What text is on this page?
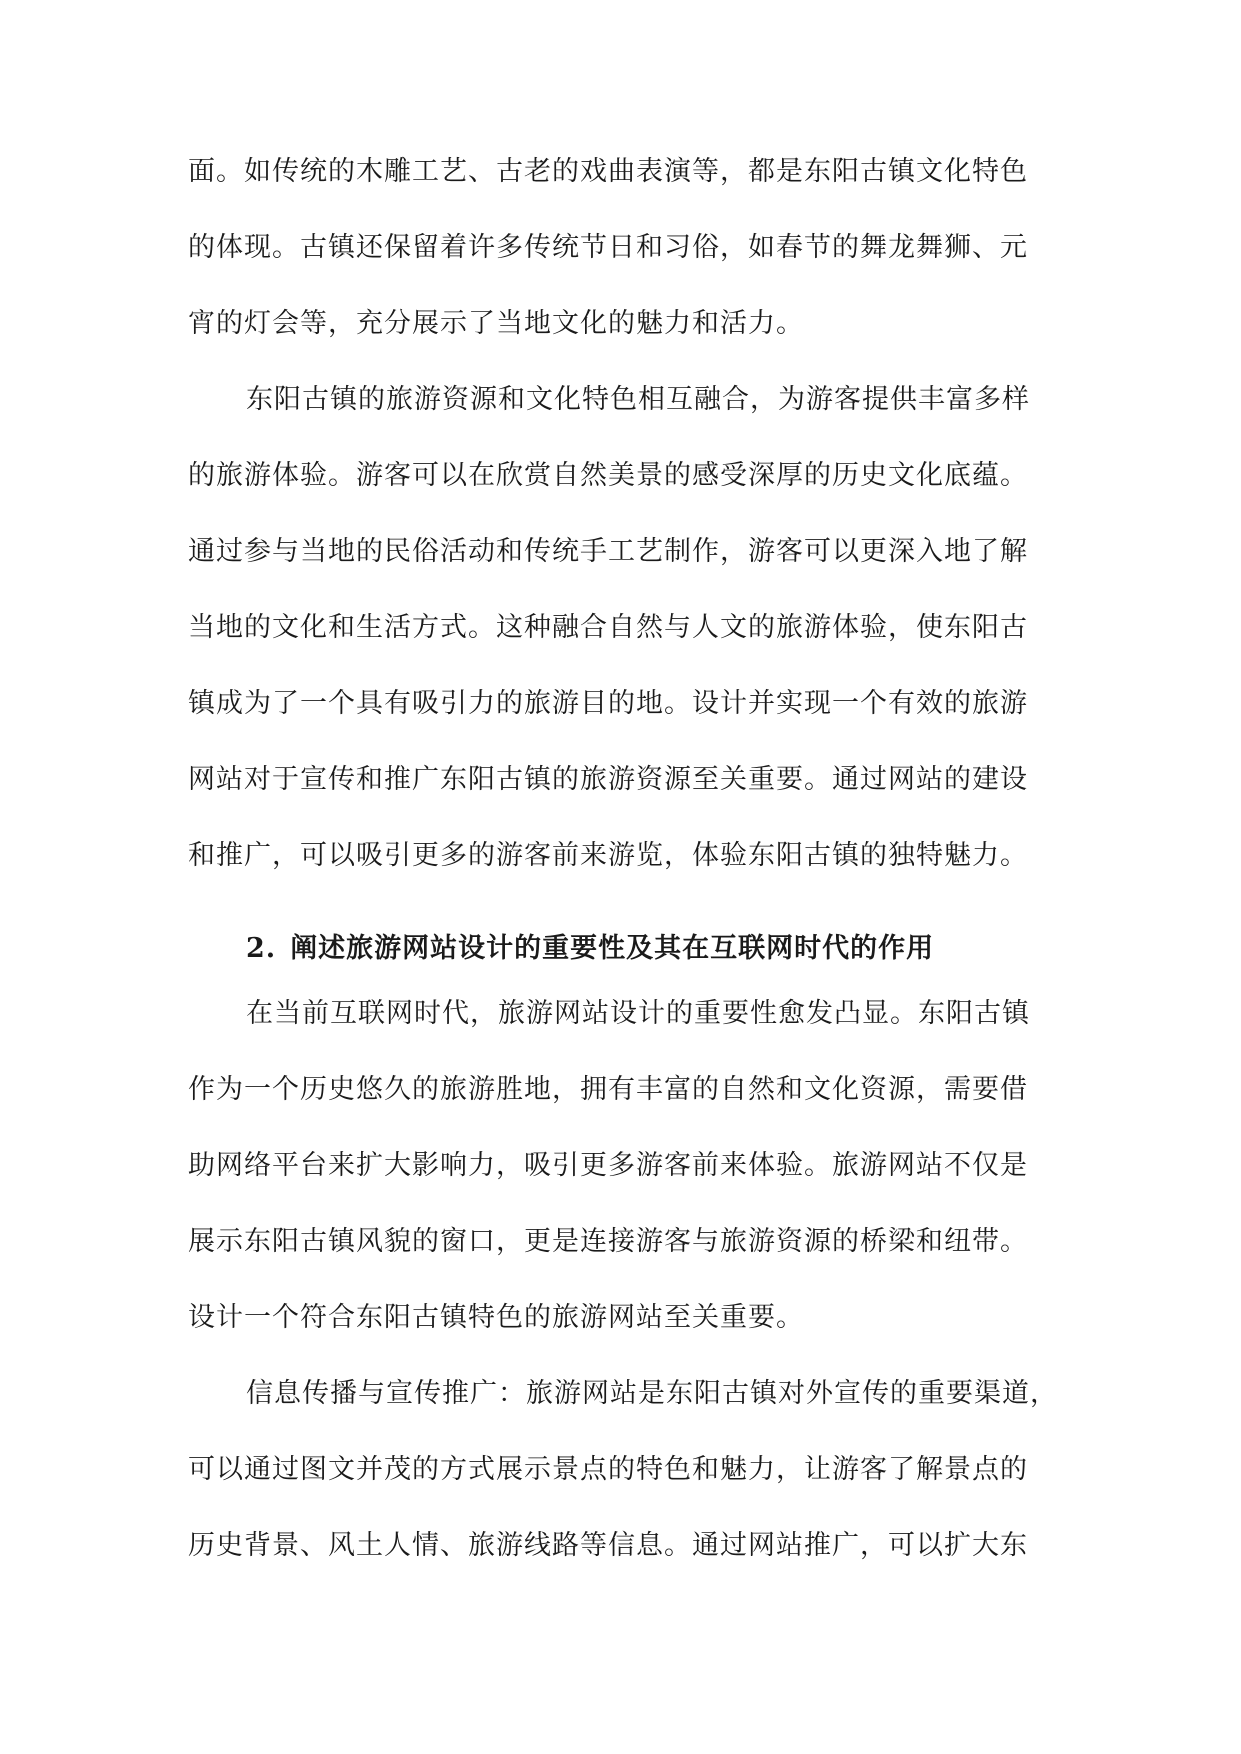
面。如传统的木雕工艺、古老的戏曲表演等，都是东阳古镇文化特色
的体现。古镇还保留着许多传统节日和习俗，如春节的舞龙舞狮、元
宵的灯会等，充分展示了当地文化的魅力和活力。
东阳古镇的旅游资源和文化特色相互融合，为游客提供丰富多样
的旅游体验。游客可以在欣赏自然美景的感受深厚的历史文化底蕴。
通过参与当地的民俗活动和传统手工艺制作，游客可以更深入地了解
当地的文化和生活方式。这种融合自然与人文的旅游体验，使东阳古
镇成为了一个具有吸引力的旅游目的地。设计并实现一个有效的旅游
网站对于宣传和推广东阳古镇的旅游资源至关重要。通过网站的建设
和推广，可以吸引更多的游客前来游览，体验东阳古镇的独特魅力。
2. 阐述旅游网站设计的重要性及其在互联网时代的作用
在当前互联网时代，旅游网站设计的重要性愈发凸显。东阳古镇
作为一个历史悠久的旅游胜地，拥有丰富的自然和文化资源，需要借
助网络平台来扩大影响力，吸引更多游客前来体验。旅游网站不仅是
展示东阳古镇风貌的窗口，更是连接游客与旅游资源的桥梁和纽带。
设计一个符合东阳古镇特色的旅游网站至关重要。
信息传播与宣传推广：旅游网站是东阳古镇对外宣传的重要渠道，
可以通过图文并茂的方式展示景点的特色和魅力，让游客了解景点的
历史背景、风土人情、旅游线路等信息。通过网站推广，可以扩大东
